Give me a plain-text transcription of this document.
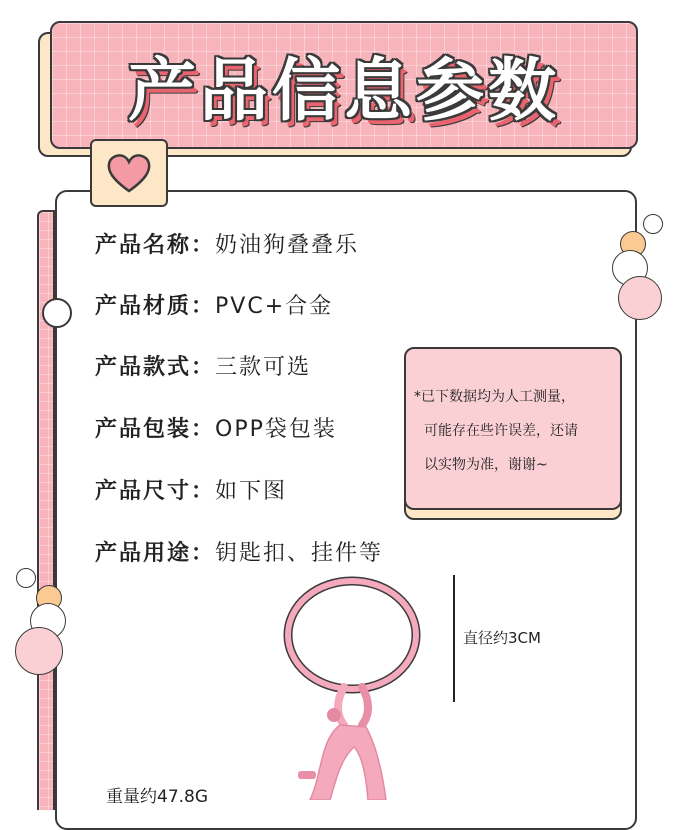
产品信息参数
产品名称：奶油狗叠叠乐
产品材质：PVC+合金
产品款式：三款可选
产品包装：OPP袋包装
产品尺寸：如下图
产品用途：钥匙扣、挂件等
*已下数据均为人工测量，
可能存在些许误差，还请
以实物为准，谢谢~
直径约3CM
重量约47.8G
